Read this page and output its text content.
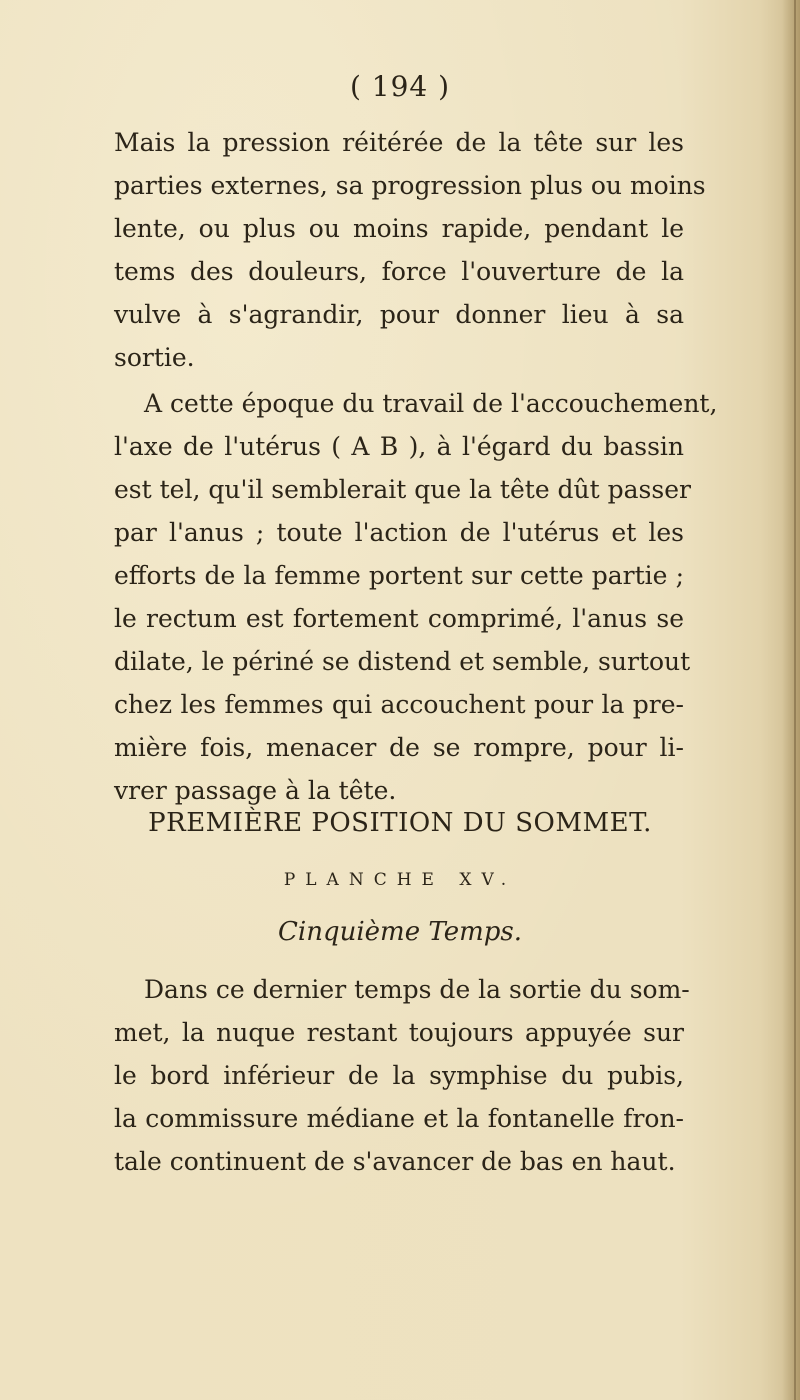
( 194 )
Mais la pression réitérée de la tête sur les
parties externes, sa progression plus ou moins
lente, ou plus ou moins rapide, pendant le
tems des douleurs, force l'ouverture de la
vulve à s'agrandir, pour donner lieu à sa
sortie.
A cette époque du travail de l'accouchement,
l'axe de l'utérus ( A B ), à l'égard du bassin
est tel, qu'il semblerait que la tête dût passer
par l'anus ; toute l'action de l'utérus et les
efforts de la femme portent sur cette partie ;
le rectum est fortement comprimé, l'anus se
dilate, le périné se distend et semble, surtout
chez les femmes qui accouchent pour la pre-
mière fois, menacer de se rompre, pour li-
vrer passage à la tête.
PREMIÈRE POSITION DU SOMMET.
PLANCHE XV.
Cinquième Temps.
Dans ce dernier temps de la sortie du som-
met, la nuque restant toujours appuyée sur
le bord inférieur de la symphise du pubis,
la commissure médiane et la fontanelle fron-
tale continuent de s'avancer de bas en haut.
